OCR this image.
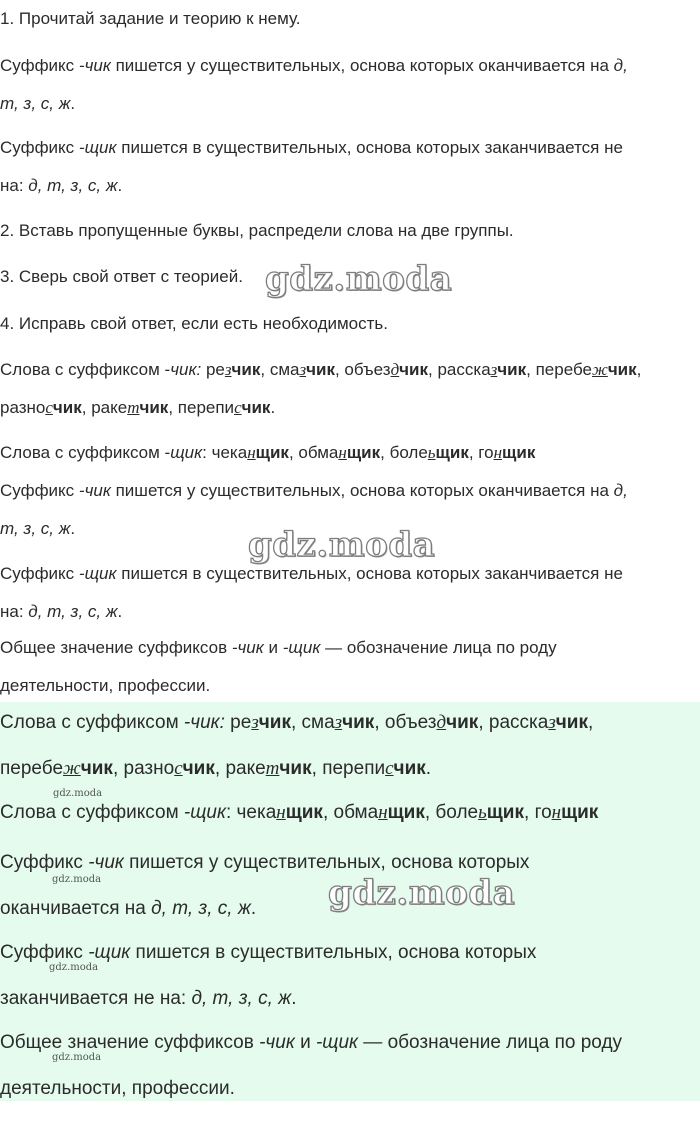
1. Прочитай задание и теорию к нему.

Суффикс -чик пишется у существительных, основа которых оканчивается на д,
т, з, с, ж.

Суффикс -щик пишется в существительных, основа которых заканчивается не
на: д, т, з, с, ж.

2. Вставь пропущенные буквы, распредели слова на две группы.

3. Сверь свой ответ с теорией.

4. Исправь свой ответ, если есть необходимость.

Слова с суффиксом -чик: резчик, смазчик, объездчик, рассказчик, перебежчик,
разносчик, ракетчик, переписчик.

Слова с суффиксом -щик: чеканщик, обманщик, болеьщик, гонщик

Суффикс -чик пишется у существительных, основа которых оканчивается на д,
т, з, с, ж.

Суффикс -щик пишется в существительных, основа которых заканчивается не
на: д, т, з, с, ж.

Общее значение суффиксов -чик и -щик — обозначение лица по роду
деятельности, профессии.

Слова с суффиксом -чик: резчик, смазчик, объездчик, рассказчик,
перебежчик, разносчик, ракетчик, переписчик.

Слова с суффиксом -щик: чеканщик, обманщик, болеьщик, гонщик

Суффикс -чик пишется у существительных, основа которых
оканчивается на д, т, з, с, ж.

Суффикс -щик пишется в существительных, основа которых
заканчивается не на: д, т, з, с, ж.

Общее значение суффиксов -чик и -щик — обозначение лица по роду
деятельности, профессии.

gdz.moda
gdz.moda
gdz.moda
gdz.moda
gdz.moda
gdz.moda
gdz.moda
